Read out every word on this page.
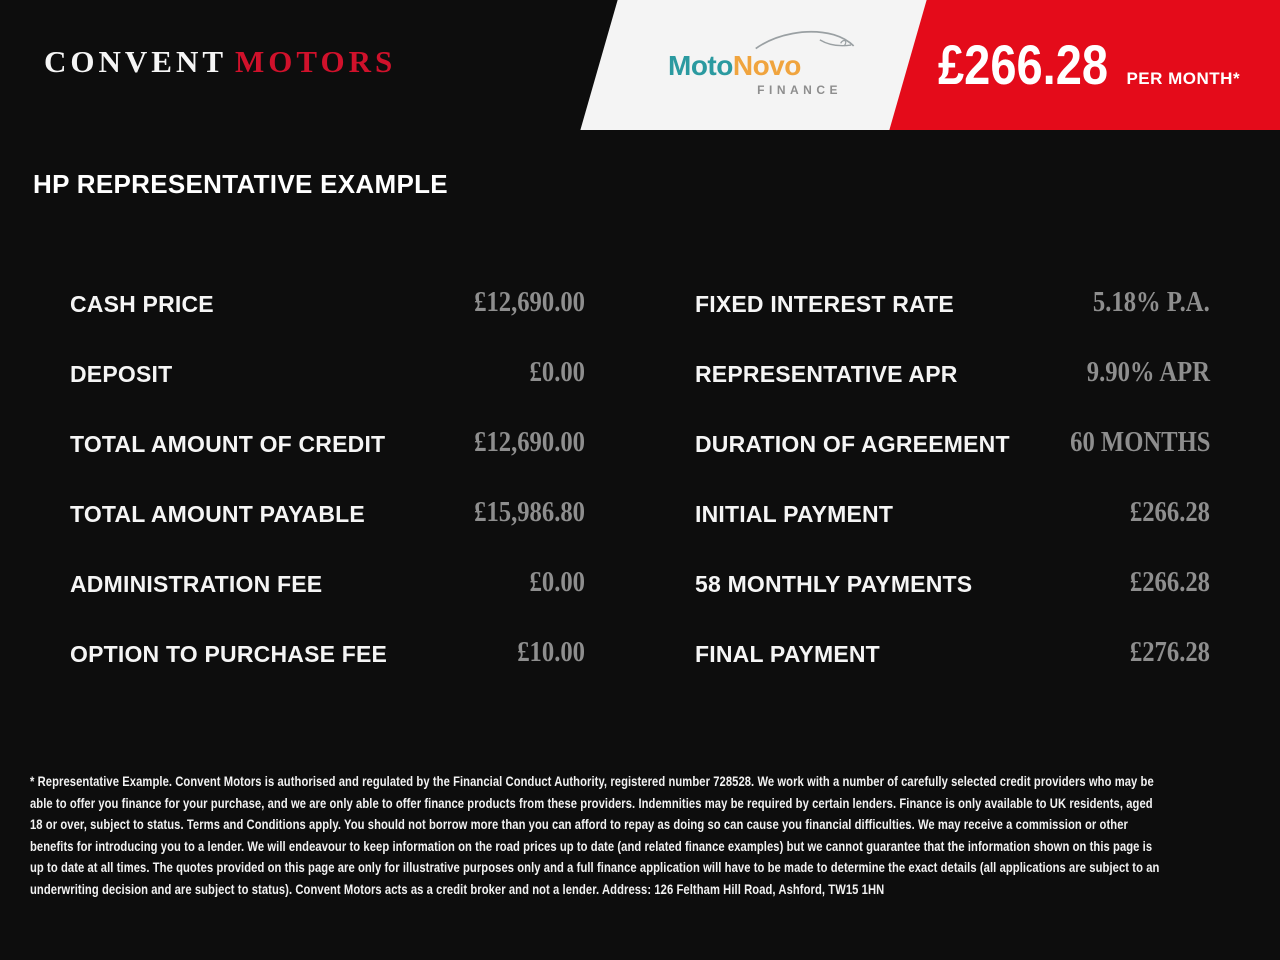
CONVENT MOTORS	MotoNovo
FINANCE £266.28 PER MONTH*
HP REPRESENTATIVE EXAMPLE
CASH PRICE	£12,690.00
DEPOSIT	£0.00
TOTAL AMOUNT OF CREDIT	£12,690.00
TOTAL AMOUNT PAYABLE	£15,986.80
ADMINISTRATION FEE	£0.00
OPTION TO PURCHASE FEE	£10.00
FIXED INTEREST RATE	5.18% P.A.
REPRESENTATIVE APR	9.90% APR
DURATION OF AGREEMENT 60 MONTHS
INITIAL PAYMENT	£266.28
58 MONTHLY PAYMENTS	£266.28
FINAL PAYMENT	£276.28
* Representative Example. Convent Motors is authorised and regulated by the Financial Conduct Authority, registered number 728528. We work with a number of carefully selected credit providers who may be able to offer you finance for your purchase, and we are only able to offer finance products from these providers. Indemnities may be required by certain lenders. Finance is only available to UK residents, aged 18 or over, subject to status. Terms and Conditions apply. You should not borrow more than you can afford to repay as doing so can cause you financial difficulties. We may receive a commission or other benefits for introducing you to a lender. We will endeavour to keep information on the road prices up to date (and related finance examples) but we cannot guarantee that the information shown on this page is up to date at all times. The quotes provided on this page are only for illustrative purposes only and a full finance application will have to be made to determine the exact details (all applications are subject to an underwriting decision and are subject to status). Convent Motors acts as a credit broker and not a lender. Address: 126 Feltham Hill Road, Ashford, TW15 1HN
